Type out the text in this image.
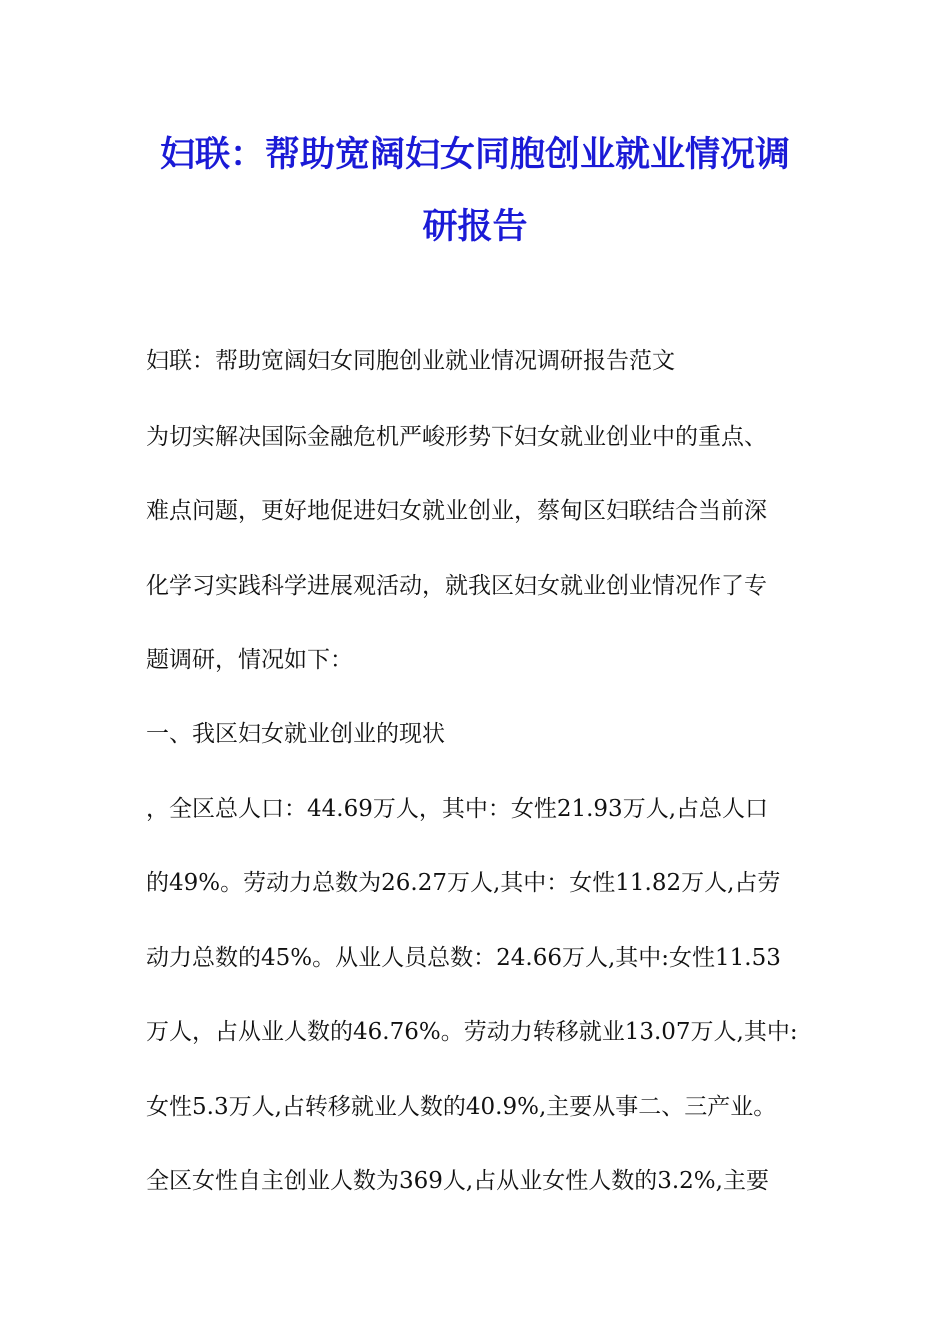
妇联：帮助宽阔妇女同胞创业就业情况调
研报告
妇联：帮助宽阔妇女同胞创业就业情况调研报告范文
为切实解决国际金融危机严峻形势下妇女就业创业中的重点、
难点问题，更好地促进妇女就业创业，蔡甸区妇联结合当前深
化学习实践科学进展观活动，就我区妇女就业创业情况作了专
题调研，情况如下：
一、我区妇女就业创业的现状
，全区总人口：44.69万人，其中：女性21.93万人,占总人口
的49%。劳动力总数为26.27万人,其中：女性11.82万人,占劳
动力总数的45%。从业人员总数：24.66万人,其中:女性11.53
万人，占从业人数的46.76%。劳动力转移就业13.07万人,其中:
女性5.3万人,占转移就业人数的40.9%,主要从事二、三产业。
全区女性自主创业人数为369人,占从业女性人数的3.2%,主要
